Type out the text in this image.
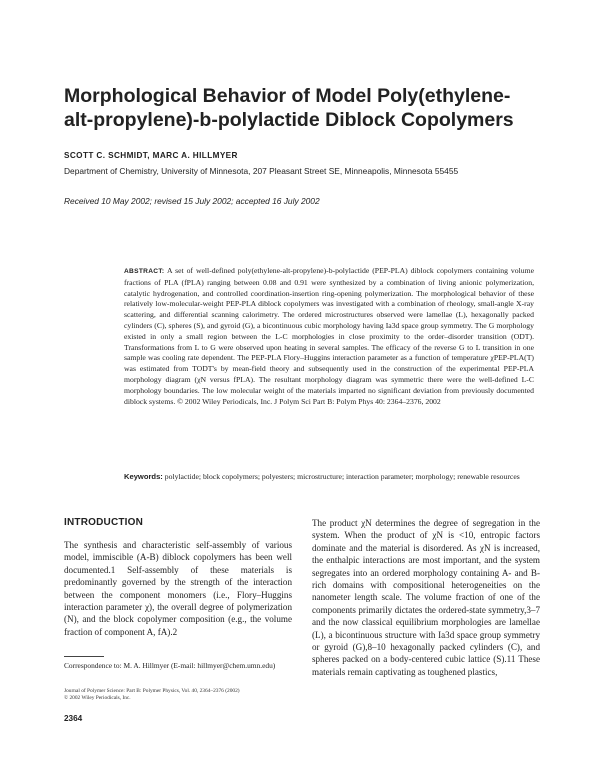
Morphological Behavior of Model Poly(ethylene-alt-propylene)-b-polylactide Diblock Copolymers
SCOTT C. SCHMIDT, MARC A. HILLMYER
Department of Chemistry, University of Minnesota, 207 Pleasant Street SE, Minneapolis, Minnesota 55455
Received 10 May 2002; revised 15 July 2002; accepted 16 July 2002
ABSTRACT: A set of well-defined poly(ethylene-alt-propylene)-b-polylactide (PEP-PLA) diblock copolymers containing volume fractions of PLA (fPLA) ranging between 0.08 and 0.91 were synthesized by a combination of living anionic polymerization, catalytic hydrogenation, and controlled coordination-insertion ring-opening polymerization. The morphological behavior of these relatively low-molecular-weight PEP-PLA diblock copolymers was investigated with a combination of rheology, small-angle X-ray scattering, and differential scanning calorimetry. The ordered microstructures observed were lamellae (L), hexagonally packed cylinders (C), spheres (S), and gyroid (G), a bicontinuous cubic morphology having Ia3d space group symmetry. The G morphology existed in only a small region between the L-C morphologies in close proximity to the order–disorder transition (ODT). Transformations from L to G were observed upon heating in several samples. The efficacy of the reverse G to L transition in one sample was cooling rate dependent. The PEP-PLA Flory–Huggins interaction parameter as a function of temperature χPEP-PLA(T) was estimated from TODT's by mean-field theory and subsequently used in the construction of the experimental PEP-PLA morphology diagram (χN versus fPLA). The resultant morphology diagram was symmetric there were the well-defined L-C morphology boundaries. The low molecular weight of the materials imparted no significant deviation from previously documented diblock systems. © 2002 Wiley Periodicals, Inc. J Polym Sci Part B: Polym Phys 40: 2364–2376, 2002
Keywords: polylactide; block copolymers; polyesters; microstructure; interaction parameter; morphology; renewable resources
INTRODUCTION
The synthesis and characteristic self-assembly of various model, immiscible (A-B) diblock copolymers has been well documented.1 Self-assembly of these materials is predominantly governed by the strength of the interaction between the component monomers (i.e., Flory–Huggins interaction parameter χ), the overall degree of polymerization (N), and the block copolymer composition (e.g., the volume fraction of component A, fA).2
The product χN determines the degree of segregation in the system. When the product of χN is <10, entropic factors dominate and the material is disordered. As χN is increased, the enthalpic interactions are most important, and the system segregates into an ordered morphology containing A- and B-rich domains with compositional heterogeneities on the nanometer length scale. The volume fraction of one of the components primarily dictates the ordered-state symmetry,3–7 and the now classical equilibrium morphologies are lamellae (L), a bicontinuous structure with Ia3d space group symmetry or gyroid (G),8–10 hexagonally packed cylinders (C), and spheres packed on a body-centered cubic lattice (S).11 These materials remain captivating as toughened plastics,
Correspondence to: M. A. Hillmyer (E-mail: hillmyer@chem.umn.edu)
Journal of Polymer Science: Part B: Polymer Physics, Vol. 40, 2364–2376 (2002)
© 2002 Wiley Periodicals, Inc.
2364
